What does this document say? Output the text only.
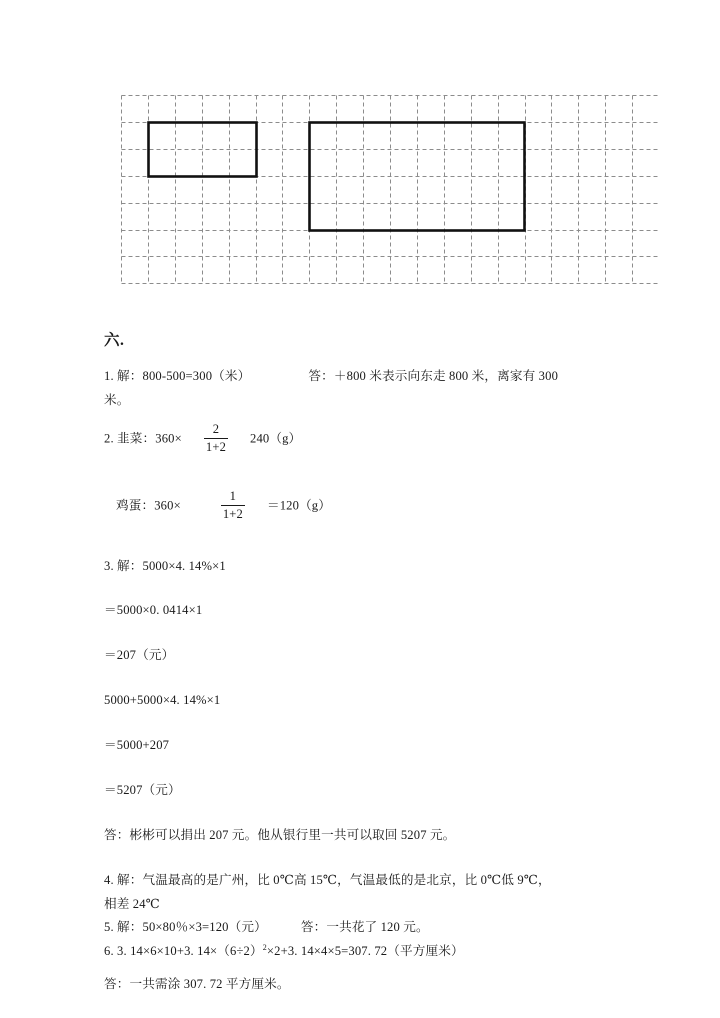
六.
1. 解：800-500=300（米）	答：＋800 米表示向东走 800 米，离家有 300
米。
2. 韭菜：$360\times \frac{2}{1+2} 240(g)$
鸡蛋：360×	$\frac{1}{1+2} =120(g)$
3. 解：5000×4. 14%×1
＝5000×0. 0414×1
＝207（元）
5000+5000×4. 14%×1
＝5000+207
＝5207（元）
答：彬彬可以捐出 207 元。他从银行里一共可以取回 5207 元。
4. 解：气温最高的是广州，比 0℃高 15℃，气温最低的是北京，比 0℃低 9℃，
相差 24℃
5. 解：50×80％×3=120（元）	答：一共花了 120 元。
6. 3. 14×6×10+3. $14\times(6\div 2)^2\times 2+3$. 14×4×5=307. 72（平方厘米）
答：一共需涂 307. 72 平方厘米。
